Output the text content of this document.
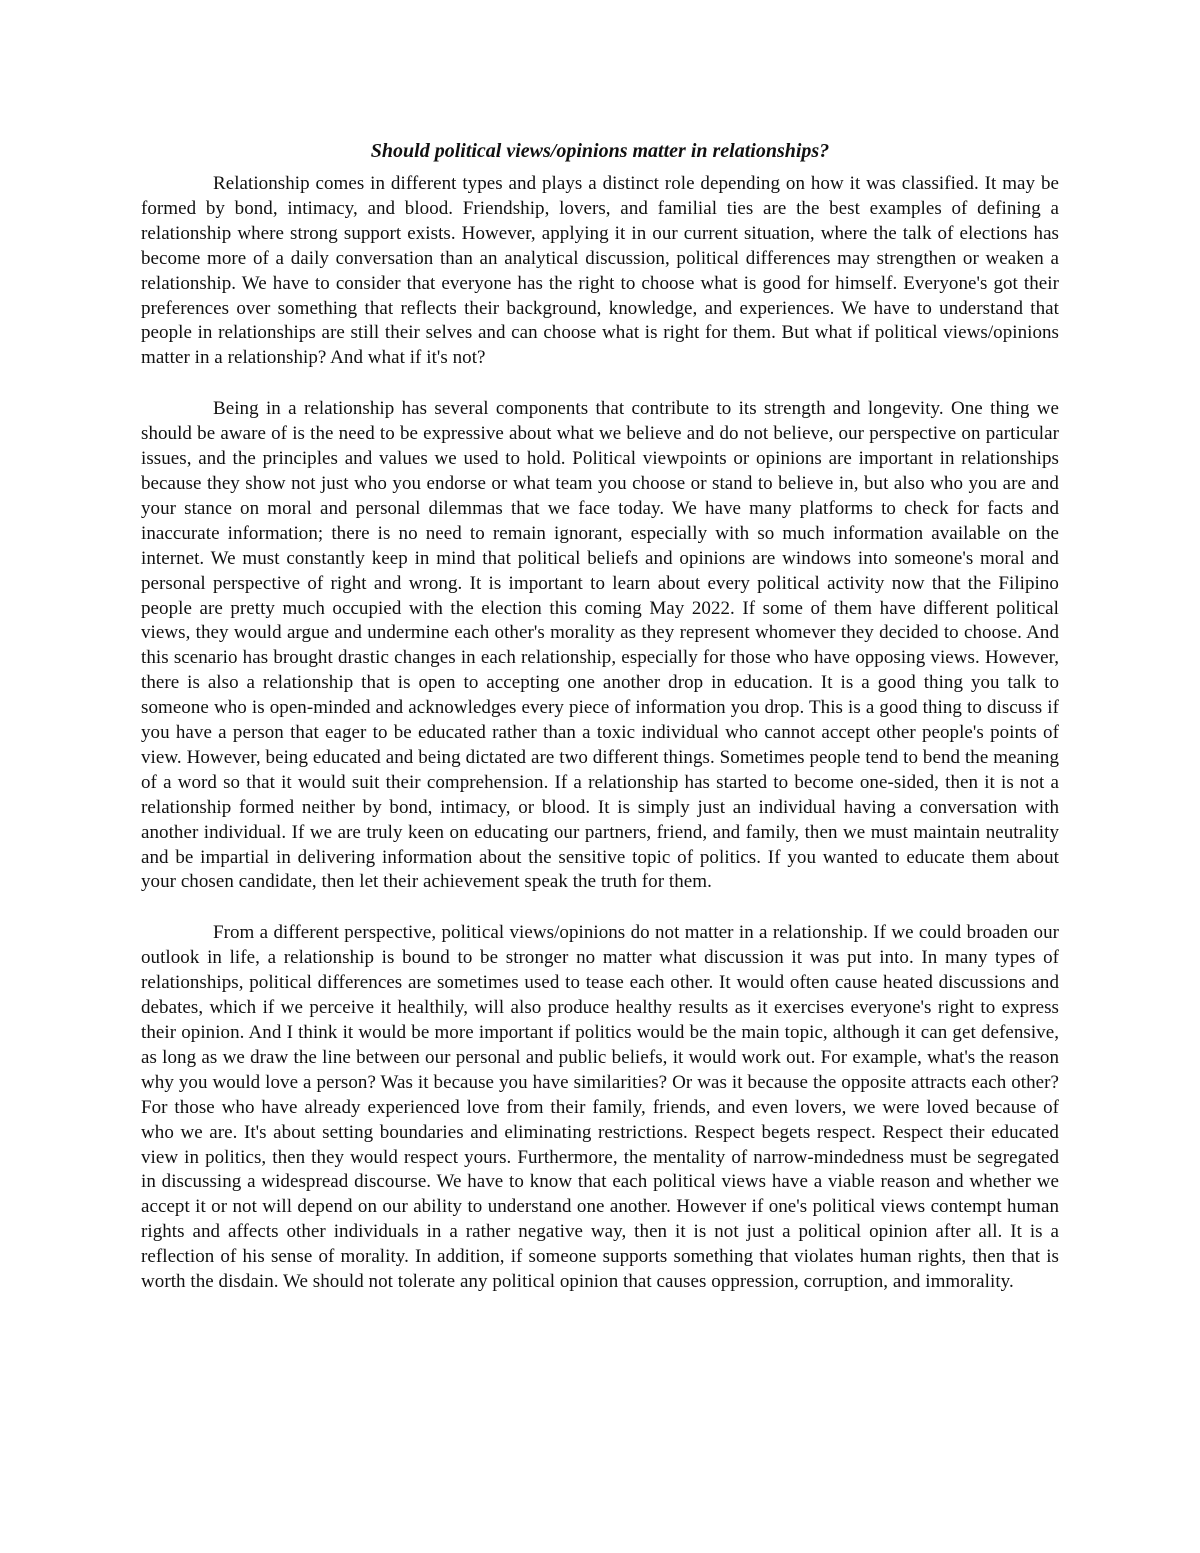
Should political views/opinions matter in relationships?

Relationship comes in different types and plays a distinct role depending on how it was classified. It may be formed by bond, intimacy, and blood. Friendship, lovers, and familial ties are the best examples of defining a relationship where strong support exists. However, applying it in our current situation, where the talk of elections has become more of a daily conversation than an analytical discussion, political differences may strengthen or weaken a relationship. We have to consider that everyone has the right to choose what is good for himself. Everyone's got their preferences over something that reflects their background, knowledge, and experiences. We have to understand that people in relationships are still their selves and can choose what is right for them. But what if political views/opinions matter in a relationship? And what if it's not?

Being in a relationship has several components that contribute to its strength and longevity. One thing we should be aware of is the need to be expressive about what we believe and do not believe, our perspective on particular issues, and the principles and values we used to hold. Political viewpoints or opinions are important in relationships because they show not just who you endorse or what team you choose or stand to believe in, but also who you are and your stance on moral and personal dilemmas that we face today. We have many platforms to check for facts and inaccurate information; there is no need to remain ignorant, especially with so much information available on the internet. We must constantly keep in mind that political beliefs and opinions are windows into someone's moral and personal perspective of right and wrong. It is important to learn about every political activity now that the Filipino people are pretty much occupied with the election this coming May 2022. If some of them have different political views, they would argue and undermine each other's morality as they represent whomever they decided to choose. And this scenario has brought drastic changes in each relationship, especially for those who have opposing views. However, there is also a relationship that is open to accepting one another drop in education. It is a good thing you talk to someone who is open-minded and acknowledges every piece of information you drop. This is a good thing to discuss if you have a person that eager to be educated rather than a toxic individual who cannot accept other people's points of view. However, being educated and being dictated are two different things. Sometimes people tend to bend the meaning of a word so that it would suit their comprehension. If a relationship has started to become one-sided, then it is not a relationship formed neither by bond, intimacy, or blood. It is simply just an individual having a conversation with another individual. If we are truly keen on educating our partners, friend, and family, then we must maintain neutrality and be impartial in delivering information about the sensitive topic of politics. If you wanted to educate them about your chosen candidate, then let their achievement speak the truth for them.

From a different perspective, political views/opinions do not matter in a relationship. If we could broaden our outlook in life, a relationship is bound to be stronger no matter what discussion it was put into. In many types of relationships, political differences are sometimes used to tease each other. It would often cause heated discussions and debates, which if we perceive it healthily, will also produce healthy results as it exercises everyone's right to express their opinion. And I think it would be more important if politics would be the main topic, although it can get defensive, as long as we draw the line between our personal and public beliefs, it would work out. For example, what's the reason why you would love a person? Was it because you have similarities? Or was it because the opposite attracts each other? For those who have already experienced love from their family, friends, and even lovers, we were loved because of who we are. It's about setting boundaries and eliminating restrictions. Respect begets respect. Respect their educated view in politics, then they would respect yours. Furthermore, the mentality of narrow-mindedness must be segregated in discussing a widespread discourse. We have to know that each political views have a viable reason and whether we accept it or not will depend on our ability to understand one another. However if one's political views contempt human rights and affects other individuals in a rather negative way, then it is not just a political opinion after all. It is a reflection of his sense of morality. In addition, if someone supports something that violates human rights, then that is worth the disdain. We should not tolerate any political opinion that causes oppression, corruption, and immorality.
